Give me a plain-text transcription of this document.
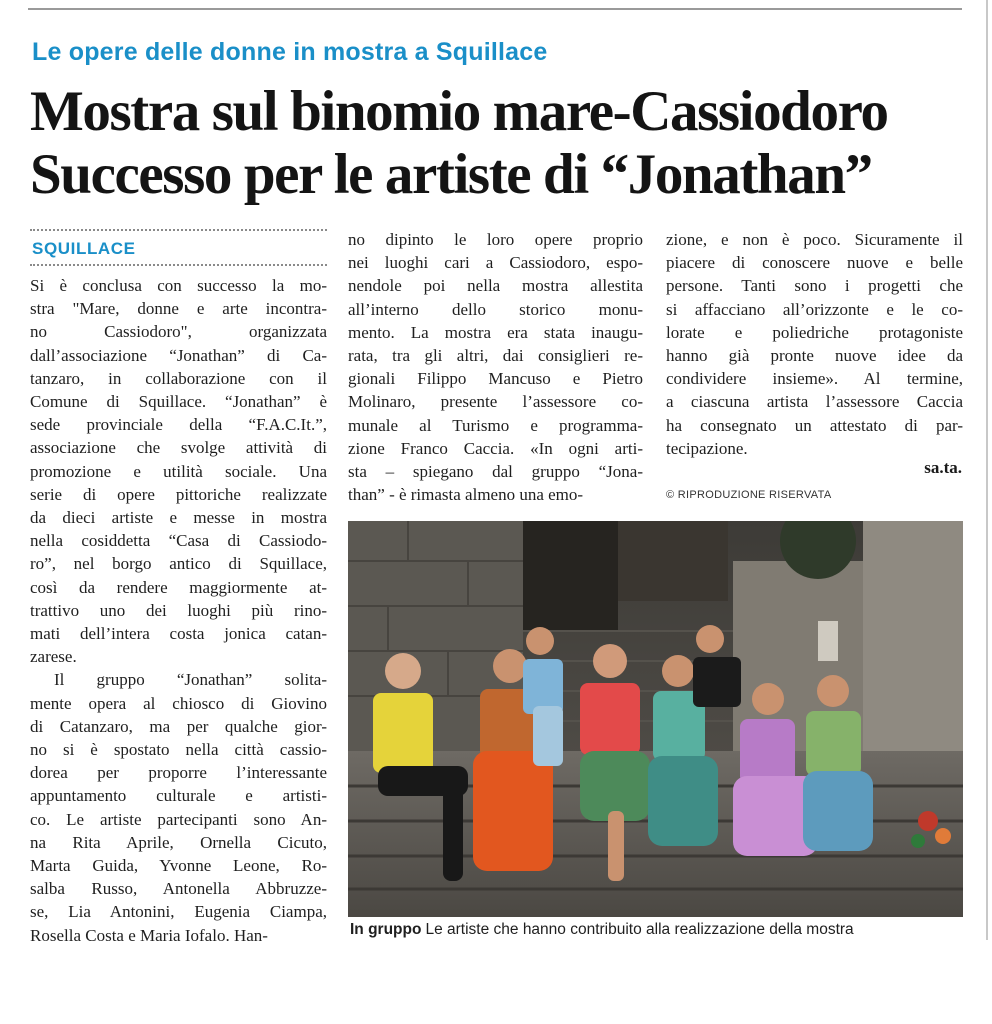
Le opere delle donne in mostra a Squillace
Mostra sul binomio mare-Cassiodoro
Successo per le artiste di “Jonathan”
SQUILLACE
Si è conclusa con successo la mo-
stra "Mare, donne e arte incontra-
no Cassiodoro", organizzata
dall’associazione “Jonathan” di Ca-
tanzaro, in collaborazione con il
Comune di Squillace. “Jonathan” è
sede provinciale della “F.A.C.It.”,
associazione che svolge attività di
promozione e utilità sociale. Una
serie di opere pittoriche realizzate
da dieci artiste e messe in mostra
nella cosiddetta “Casa di Cassiodo-
ro”, nel borgo antico di Squillace,
così da rendere maggiormente at-
trattivo uno dei luoghi più rino-
mati dell’intera costa jonica catan-
zarese.
Il gruppo “Jonathan” solita-
mente opera al chiosco di Giovino
di Catanzaro, ma per qualche gior-
no si è spostato nella città cassio-
dorea per proporre l’interessante
appuntamento culturale e artisti-
co. Le artiste partecipanti sono An-
na Rita Aprile, Ornella Cicuto,
Marta Guida, Yvonne Leone, Ro-
salba Russo, Antonella Abbruzze-
se, Lia Antonini, Eugenia Ciampa,
Rosella Costa e Maria Iofalo. Han-
no dipinto le loro opere proprio
nei luoghi cari a Cassiodoro, espo-
nendole poi nella mostra allestita
all’interno dello storico monu-
mento. La mostra era stata inaugu-
rata, tra gli altri, dai consiglieri re-
gionali Filippo Mancuso e Pietro
Molinaro, presente l’assessore co-
munale al Turismo e programma-
zione Franco Caccia. «In ogni arti-
sta – spiegano dal gruppo “Jona-
than” - è rimasta almeno una emo-
zione, e non è poco. Sicuramente il
piacere di conoscere nuove e belle
persone. Tanti sono i progetti che
si affacciano all’orizzonte e le co-
lorate e poliedriche protagoniste
hanno già pronte nuove idee da
condividere insieme». Al termine,
a ciascuna artista l’assessore Caccia
ha consegnato un attestato di par-
tecipazione.
sa.ta.
© RIPRODUZIONE RISERVATA
In gruppo Le artiste che hanno contribuito alla realizzazione della mostra
